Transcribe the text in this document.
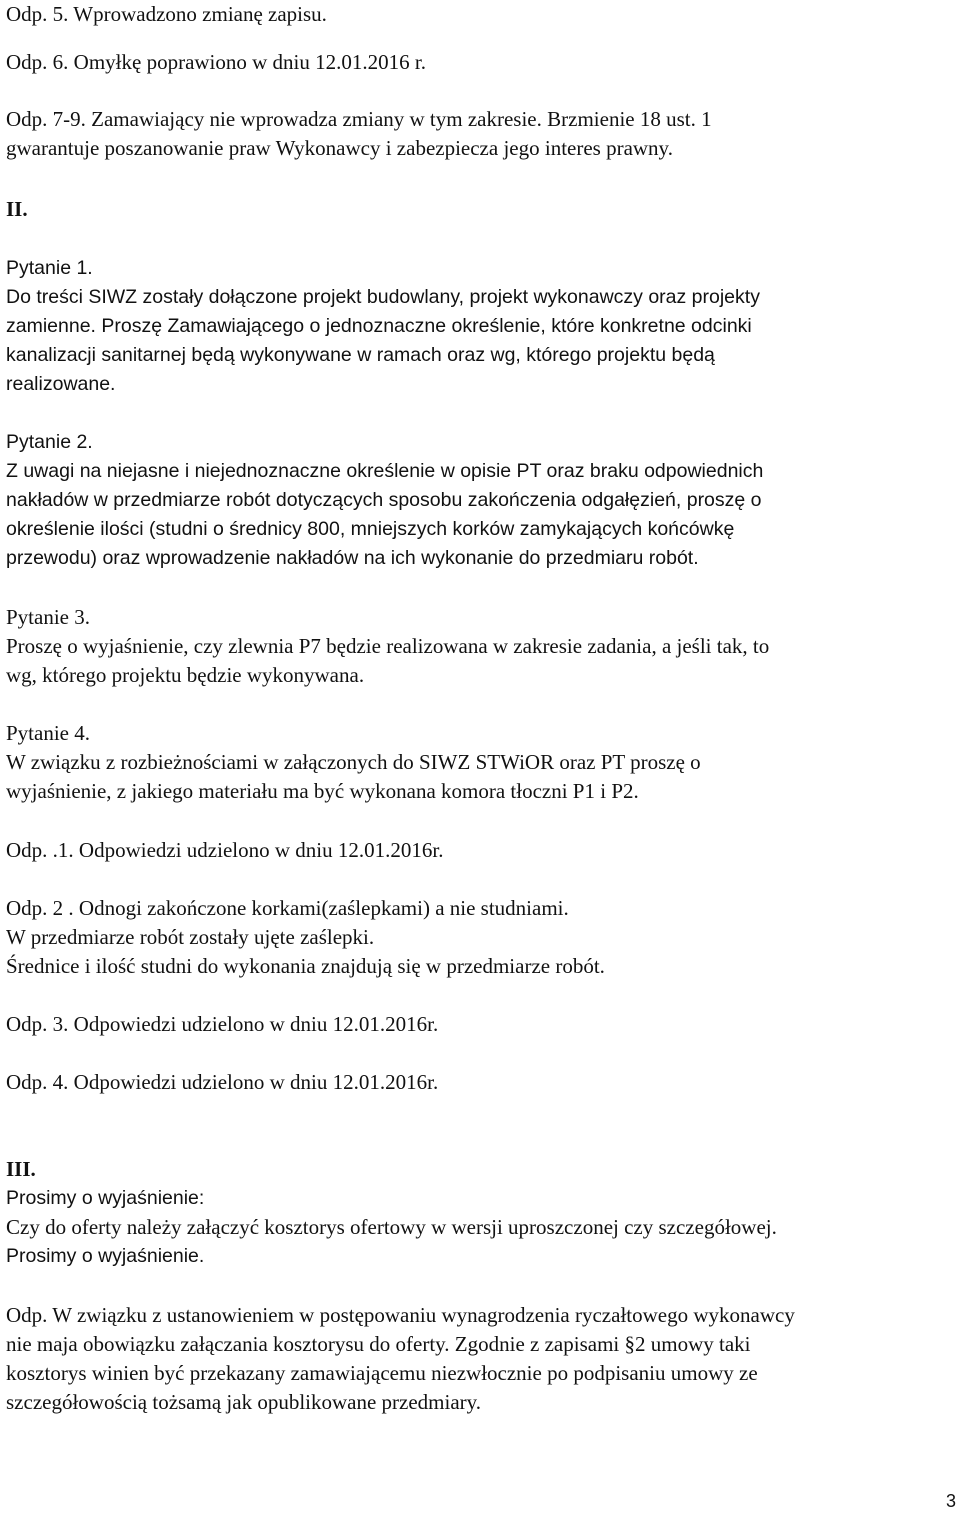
Odp. 5. Wprowadzono zmianę zapisu.
Odp. 6. Omyłkę poprawiono w dniu 12.01.2016 r.
Odp. 7-9. Zamawiający nie wprowadza zmiany w tym zakresie. Brzmienie 18 ust. 1
gwarantuje poszanowanie praw Wykonawcy i zabezpiecza jego interes prawny.
II.
Pytanie 1.
Do treści SIWZ zostały dołączone projekt budowlany, projekt wykonawczy oraz projekty
zamienne. Proszę Zamawiającego o jednoznaczne określenie, które konkretne odcinki
kanalizacji sanitarnej będą wykonywane w ramach oraz wg, którego projektu będą
realizowane.
Pytanie 2.
Z uwagi na niejasne i niejednoznaczne określenie w opisie PT oraz braku odpowiednich
nakładów w przedmiarze robót dotyczących sposobu zakończenia odgałęzień, proszę o
określenie ilości (studni o średnicy 800, mniejszych korków zamykających końcówkę
przewodu) oraz wprowadzenie nakładów na ich wykonanie do przedmiaru robót.
Pytanie 3.
Proszę o wyjaśnienie, czy zlewnia P7 będzie realizowana w zakresie zadania, a jeśli tak, to
wg, którego projektu będzie wykonywana.
Pytanie 4.
W związku z rozbieżnościami w załączonych do SIWZ STWiOR oraz PT proszę o
wyjaśnienie, z jakiego materiału ma być wykonana komora tłoczni P1 i P2.
Odp. .1. Odpowiedzi udzielono w dniu 12.01.2016r.
Odp. 2 . Odnogi zakończone korkami(zaślepkami) a nie studniami.
W przedmiarze robót zostały ujęte zaślepki.
Średnice i ilość studni do wykonania znajdują się w przedmiarze robót.
Odp. 3. Odpowiedzi udzielono w dniu 12.01.2016r.
Odp. 4. Odpowiedzi udzielono w dniu 12.01.2016r.
III.
Prosimy o wyjaśnienie:
Czy do oferty należy załączyć kosztorys ofertowy w wersji uproszczonej czy szczegółowej.
Prosimy o wyjaśnienie.
Odp. W związku z ustanowieniem w postępowaniu wynagrodzenia ryczałtowego wykonawcy
nie maja obowiązku załączania kosztorysu do oferty. Zgodnie z zapisami §2 umowy taki
kosztorys winien być przekazany zamawiającemu niezwłocznie po podpisaniu umowy ze
szczegółowością tożsamą jak opublikowane przedmiary.
3
